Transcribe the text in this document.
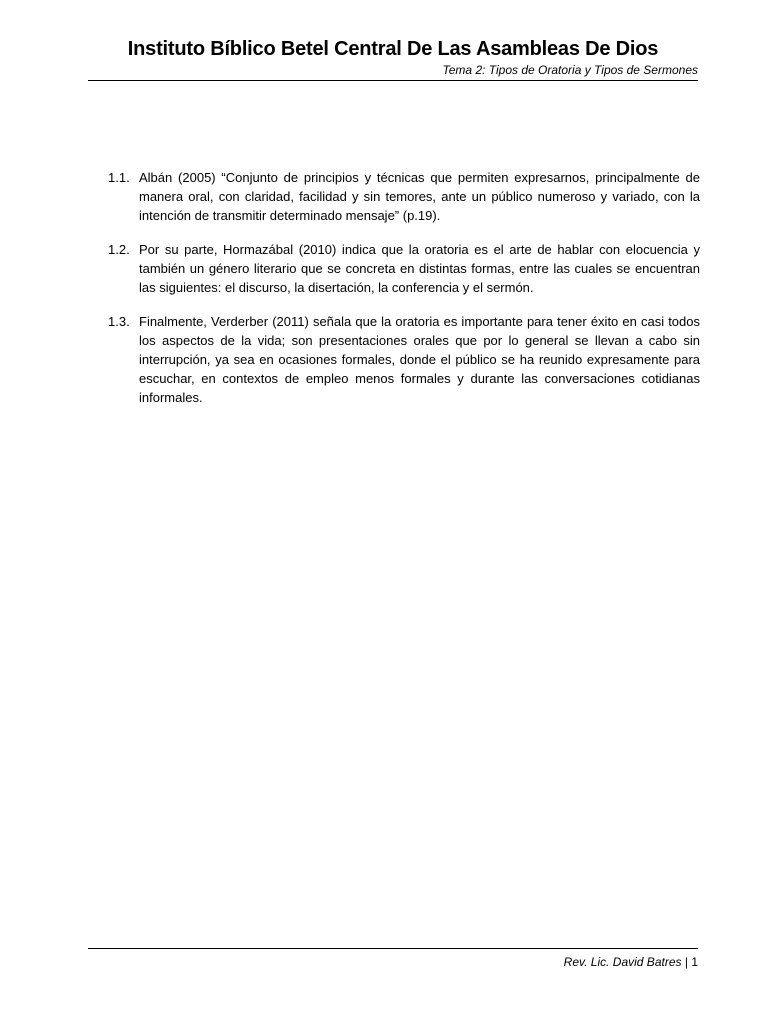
Instituto Bíblico Betel Central De Las Asambleas De Dios

Tema 2: Tipos de Oratoria y Tipos de Sermones

1.1. Albán (2005) “Conjunto de principios y técnicas que permiten expresarnos, principalmente de manera oral, con claridad, facilidad y sin temores, ante un público numeroso y variado, con la intención de transmitir determinado mensaje” (p.19).
1.2. Por su parte, Hormazábal (2010) indica que la oratoria es el arte de hablar con elocuencia y también un género literario que se concreta en distintas formas, entre las cuales se encuentran las siguientes: el discurso, la disertación, la conferencia y el sermón.
1.3. Finalmente, Verderber (2011) señala que la oratoria es importante para tener éxito en casi todos los aspectos de la vida; son presentaciones orales que por lo general se llevan a cabo sin interrupción, ya sea en ocasiones formales, donde el público se ha reunido expresamente para escuchar, en contextos de empleo menos formales y durante las conversaciones cotidianas informales.
Rev. Lic. David Batres | 1
